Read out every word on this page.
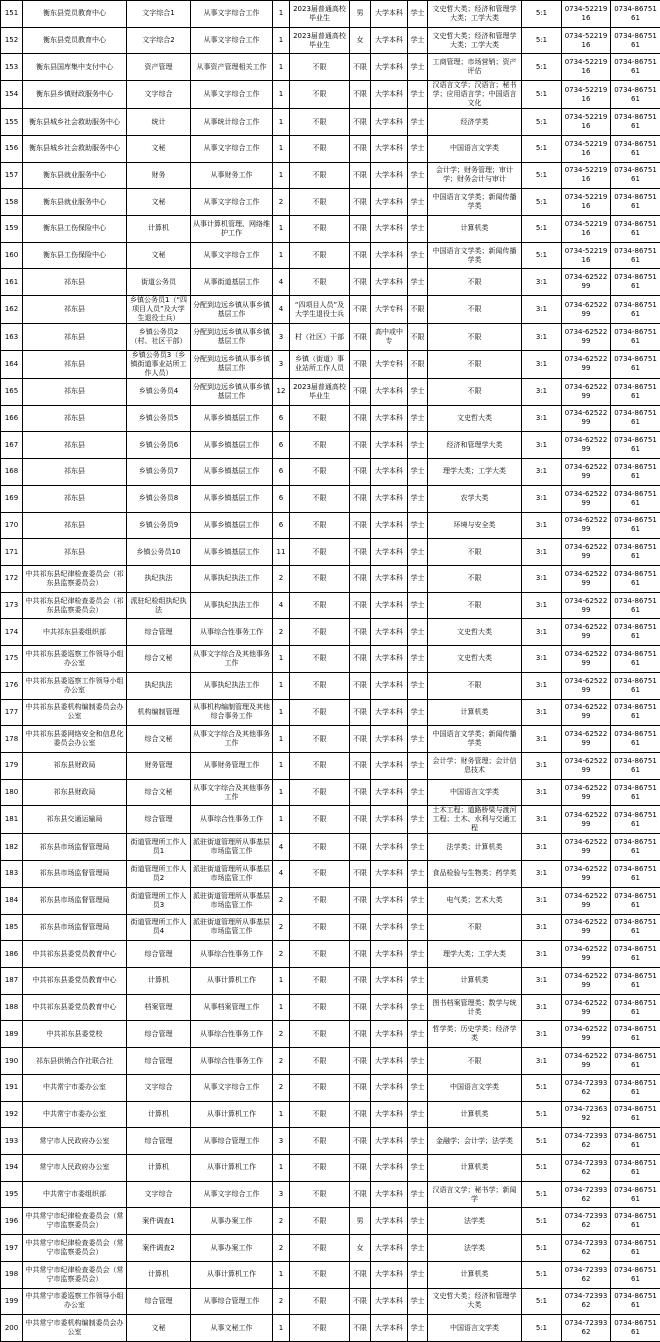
151	衡东县党员教育中心	文字综合1	从事文字综合工作	1	2023届普通高校毕业生	男	大学本科	学士	文史哲大类；经济和管理学大类；工学大类	5:1	0734-5221916	0734-8675161
152	衡东县党员教育中心	文字综合2	从事文字综合工作	1	2023届普通高校毕业生	女	大学本科	学士	文史哲大类；经济和管理学大类；工学大类	5:1	0734-5221916	0734-8675161
153	衡东县国库集中支付中心	资产管理	从事资产管理相关工作	1	不限	不限	大学本科	学士	工商管理；市场营销；资产评估	5:1	0734-5221916	0734-8675161
154	衡东县乡镇财政服务中心	文字综合	从事文字综合工作	1	不限	不限	大学本科	学士	汉语言文学；汉语言；秘书学；应用语言学；中国语言文化	5:1	0734-5221916	0734-8675161
155	衡东县城乡社会救助服务中心	统计	从事统计综合工作	1	不限	不限	大学本科	学士	经济学类	5:1	0734-5221916	0734-8675161
156	衡东县城乡社会救助服务中心	文秘	从事文字综合工作	1	不限	不限	大学本科	学士	中国语言文学类	5:1	0734-5221916	0734-8675161
157	衡东县就业服务中心	财务	从事财务工作	1	不限	不限	大学本科	学士	会计学；财务管理；审计学；财务会计与审计	5:1	0734-5221916	0734-8675161
158	衡东县就业服务中心	文秘	从事文字综合工作	2	不限	不限	大学本科	学士	中国语言文学类；新闻传播学类	5:1	0734-5221916	0734-8675161
159	衡东县工伤保险中心	计算机	从事计算机管理、网络维护工作	1	不限	不限	大学本科	学士	计算机类	5:1	0734-5221916	0734-8675161
160	衡东县工伤保险中心	文秘	从事文字综合工作	1	不限	不限	大学本科	学士	中国语言文学类；新闻传播学类	5:1	0734-5221916	0734-8675161
161	祁东县	街道公务员	从事街道基层工作	4	不限	不限	大学本科	学士	不限	3:1	0734-6252299	0734-8675161
162	祁东县	乡镇公务员1（“四项目人员”及大学生退役士兵）	分配到边远乡镇从事乡镇基层工作	4	“四项目人员”及大学生退役士兵	不限	大学专科	不限	不限	3:1	0734-6252299	0734-8675161
163	祁东县	乡镇公务员2（村、社区干部）	分配到边远乡镇从事乡镇基层工作	3	村（社区）干部	不限	高中或中专	不限	不限	3:1	0734-6252299	0734-8675161
164	祁东县	乡镇公务员3（乡镇街道事业站所工作人员）	分配到边远乡镇从事乡镇基层工作	3	乡镇（街道）事业站所工作人员	不限	大学专科	不限	不限	3:1	0734-6252299	0734-8675161
165	祁东县	乡镇公务员4	分配到边远乡镇从事乡镇基层工作	12	2023届普通高校毕业生	不限	大学本科	学士	不限	3:1	0734-6252299	0734-8675161
166	祁东县	乡镇公务员5	从事乡镇基层工作	6	不限	不限	大学本科	学士	文史哲大类	3:1	0734-6252299	0734-8675161
167	祁东县	乡镇公务员6	从事乡镇基层工作	6	不限	不限	大学本科	学士	经济和管理学大类	3:1	0734-6252299	0734-8675161
168	祁东县	乡镇公务员7	从事乡镇基层工作	6	不限	不限	大学本科	学士	理学大类；工学大类	3:1	0734-6252299	0734-8675161
169	祁东县	乡镇公务员8	从事乡镇基层工作	6	不限	不限	大学本科	学士	农学大类	3:1	0734-6252299	0734-8675161
170	祁东县	乡镇公务员9	从事乡镇基层工作	6	不限	不限	大学本科	学士	环境与安全类	3:1	0734-6252299	0734-8675161
171	祁东县	乡镇公务员10	从事乡镇基层工作	11	不限	不限	大学本科	学士	不限	3:1	0734-6252299	0734-8675161
172	中共祁东县纪律检查委员会（祁东县监察委员会）	执纪执法	从事执纪执法工作	2	不限	不限	大学本科	学士	不限	3:1	0734-6252299	0734-8675161
173	中共祁东县纪律检查委员会（祁东县监察委员会）	派驻纪检组执纪执法	从事执纪执法工作	4	不限	不限	大学本科	学士	不限	3:1	0734-6252299	0734-8675161
174	中共祁东县委组织部	综合管理	从事综合性事务工作	2	不限	不限	大学本科	学士	文史哲大类	3:1	0734-6252299	0734-8675161
175	中共祁东县委巡察工作领导小组办公室	综合文秘	从事文字综合及其他事务工作	1	不限	不限	大学本科	学士	文史哲大类	3:1	0734-6252299	0734-8675161
176	中共祁东县委巡察工作领导小组办公室	执纪执法	从事执纪执法工作	1	不限	不限	大学本科	学士	不限	3:1	0734-6252299	0734-8675161
177	中共祁东县委机构编制委员会办公室	机构编制管理	从事机构编制管理及其他综合事务工作	1	不限	不限	大学本科	学士	计算机类	3:1	0734-6252299	0734-8675161
178	中共祁东县委网络安全和信息化委员会办公室	综合文秘	从事文字综合及其他事务工作	1	不限	不限	大学本科	学士	中国语言文学类；新闻传播学类	3:1	0734-6252299	0734-8675161
179	祁东县财政局	财务管理	从事财务管理工作	1	不限	不限	大学本科	学士	会计学；财务管理；会计信息技术	3:1	0734-6252299	0734-8675161
180	祁东县财政局	综合文秘	从事文字综合及其他事务工作	1	不限	不限	大学本科	学士	中国语言文学类	3:1	0734-6252299	0734-8675161
181	祁东县交通运输局	综合管理	从事综合性事务工作	1	不限	不限	大学本科	学士	土木工程；道路桥梁与渡河工程；土木、水利与交通工程	3:1	0734-6252299	0734-8675161
182	祁东县市场监督管理局	街道管理所工作人员1	派驻街道管理所从事基层市场监管工作	4	不限	不限	大学本科	学士	法学类；计算机类	3:1	0734-6252299	0734-8675161
183	祁东县市场监督管理局	街道管理所工作人员2	派驻街道管理所从事基层市场监管工作	4	不限	不限	大学本科	学士	食品检验与生物类；药学类	3:1	0734-6252299	0734-8675161
184	祁东县市场监督管理局	街道管理所工作人员3	派驻街道管理所从事基层市场监管工作	2	不限	不限	大学本科	学士	电气类；艺术大类	3:1	0734-6252299	0734-8675161
185	祁东县市场监督管理局	街道管理所工作人员4	派驻街道管理所从事基层市场监管工作	2	不限	不限	大学本科	学士	不限	3:1	0734-6252299	0734-8675161
186	中共祁东县委党员教育中心	综合管理	从事综合性事务工作	2	不限	不限	大学本科	学士	理学大类；工学大类	3:1	0734-6252299	0734-8675161
187	中共祁东县委党员教育中心	计算机	从事计算机工作	1	不限	不限	大学本科	学士	计算机类	3:1	0734-6252299	0734-8675161
188	中共祁东县委党员教育中心	档案管理	从事档案管理工作	1	不限	不限	大学本科	学士	图书档案管理类；数学与统计类	3:1	0734-6252299	0734-8675161
189	中共祁东县委党校	综合管理	从事综合性事务工作	2	不限	不限	大学本科	学士	哲学类；历史学类；经济学类	3:1	0734-6252299	0734-8675161
190	祁东县供销合作社联合社	综合管理	从事综合性事务工作	2	不限	不限	大学本科	学士	不限	3:1	0734-6252299	0734-8675161
191	中共常宁市委办公室	文字综合	从事文字综合工作	2	不限	不限	大学本科	学士	中国语言文学类	5:1	0734-7239362	0734-8675161
192	中共常宁市委办公室	计算机	从事计算机工作	1	不限	不限	大学本科	学士	计算机类	5:1	0734-7236392	0734-8675161
193	常宁市人民政府办公室	综合管理	从事综合管理工作	3	不限	不限	大学本科	学士	金融学；会计学；法学类	5:1	0734-7239362	0734-8675161
194	常宁市人民政府办公室	计算机	从事计算机工作	1	不限	不限	大学本科	学士	计算机类	5:1	0734-7239362	0734-8675161
195	中共常宁市委组织部	文字综合	从事文字综合工作	3	不限	不限	大学本科	学士	汉语言文学；秘书学；新闻学	5:1	0734-7239362	0734-8675161
196	中共常宁市纪律检查委员会（常宁市监察委员会）	案件调查1	从事办案工作	2	不限	男	大学本科	学士	法学类	5:1	0734-7239362	0734-8675161
197	中共常宁市纪律检查委员会（常宁市监察委员会）	案件调查2	从事办案工作	2	不限	女	大学本科	学士	法学类	5:1	0734-7239362	0734-8675161
198	中共常宁市纪律检查委员会（常宁市监察委员会）	计算机	从事计算机工作	1	不限	不限	大学本科	学士	计算机类	5:1	0734-7239362	0734-8675161
199	中共常宁市委巡察工作领导小组办公室	综合管理	从事综合管理工作	2	不限	不限	大学本科	学士	文史哲大类；经济和管理学大类	5:1	0734-7239362	0734-8675161
200	中共常宁市委机构编制委员会办公室	文秘	从事文秘工作	1	不限	不限	大学本科	学士	中国语言文学类	5:1	0734-7239362	0734-8675161
